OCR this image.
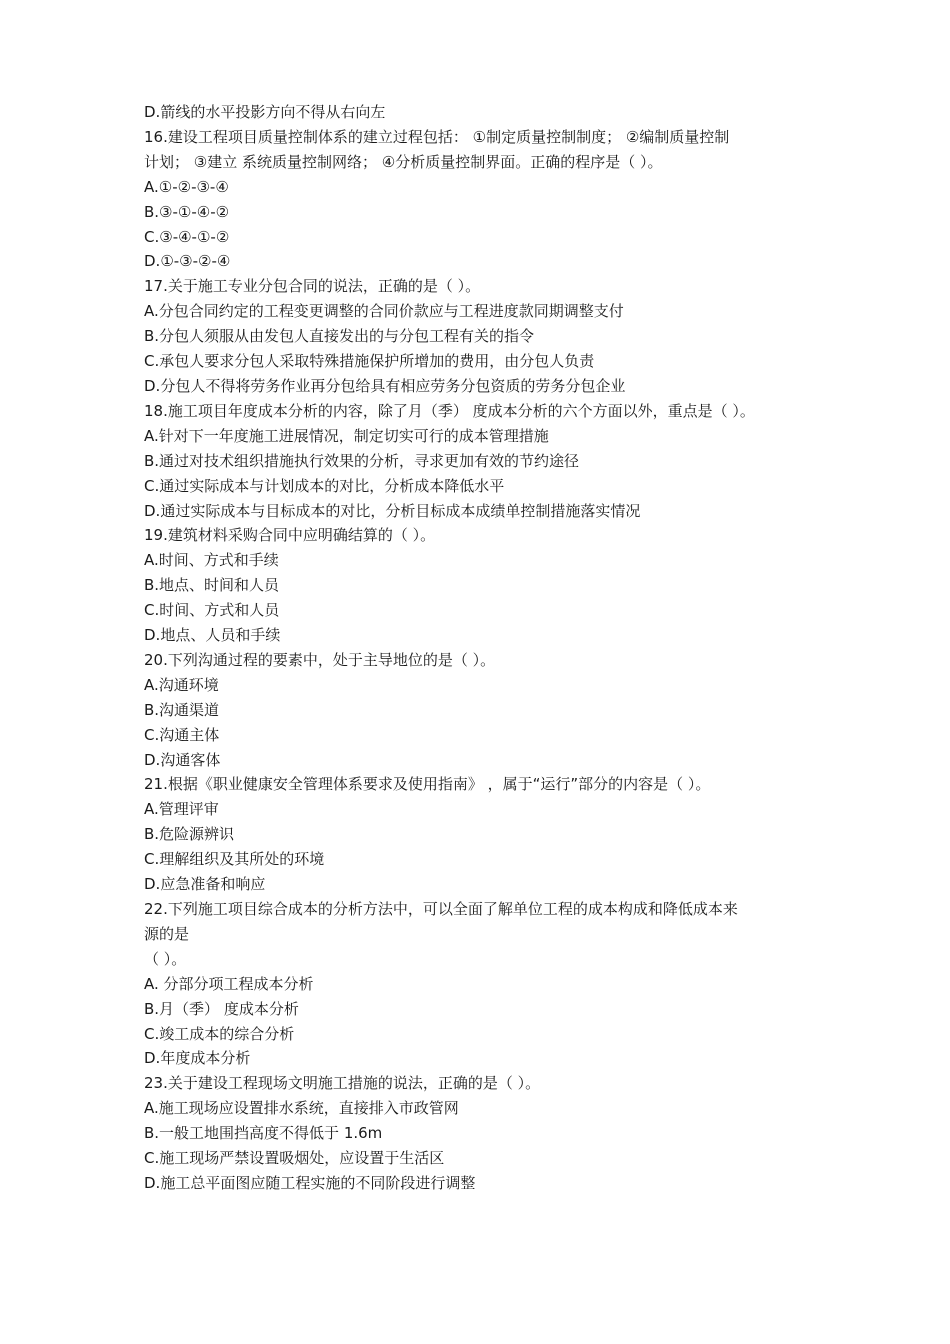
D.箭线的水平投影方向不得从右向左
16.建设工程项目质量控制体系的建立过程包括： ①制定质量控制制度； ②编制质量控制
计划； ③建立 系统质量控制网络； ④分析质量控制界面。正确的程序是（ ）。
A.①-②-③-④
B.③-①-④-②
C.③-④-①-②
D.①-③-②-④
17.关于施工专业分包合同的说法，正确的是（ ）。
A.分包合同约定的工程变更调整的合同价款应与工程进度款同期调整支付
B.分包人须服从由发包人直接发出的与分包工程有关的指令
C.承包人要求分包人采取特殊措施保护所增加的费用，由分包人负责
D.分包人不得将劳务作业再分包给具有相应劳务分包资质的劳务分包企业
18.施工项目年度成本分析的内容，除了月（季） 度成本分析的六个方面以外，重点是（ ）。
A.针对下一年度施工进展情况，制定切实可行的成本管理措施
B.通过对技术组织措施执行效果的分析，寻求更加有效的节约途径
C.通过实际成本与计划成本的对比，分析成本降低水平
D.通过实际成本与目标成本的对比，分析目标成本成绩单控制措施落实情况
19.建筑材料采购合同中应明确结算的（ ）。
A.时间、方式和手续
B.地点、时间和人员
C.时间、方式和人员
D.地点、人员和手续
20.下列沟通过程的要素中，处于主导地位的是（ ）。
A.沟通环境
B.沟通渠道
C.沟通主体
D.沟通客体
21.根据《职业健康安全管理体系要求及使用指南》 ，属于“运行”部分的内容是（ ）。
A.管理评审
B.危险源辨识
C.理解组织及其所处的环境
D.应急准备和响应
22.下列施工项目综合成本的分析方法中，可以全面了解单位工程的成本构成和降低成本来
源的是
（ ）。
A. 分部分项工程成本分析
B.月（季） 度成本分析
C.竣工成本的综合分析
D.年度成本分析
23.关于建设工程现场文明施工措施的说法，正确的是（ ）。
A.施工现场应设置排水系统，直接排入市政管网
B.一般工地围挡高度不得低于 1.6m
C.施工现场严禁设置吸烟处，应设置于生活区
D.施工总平面图应随工程实施的不同阶段进行调整
